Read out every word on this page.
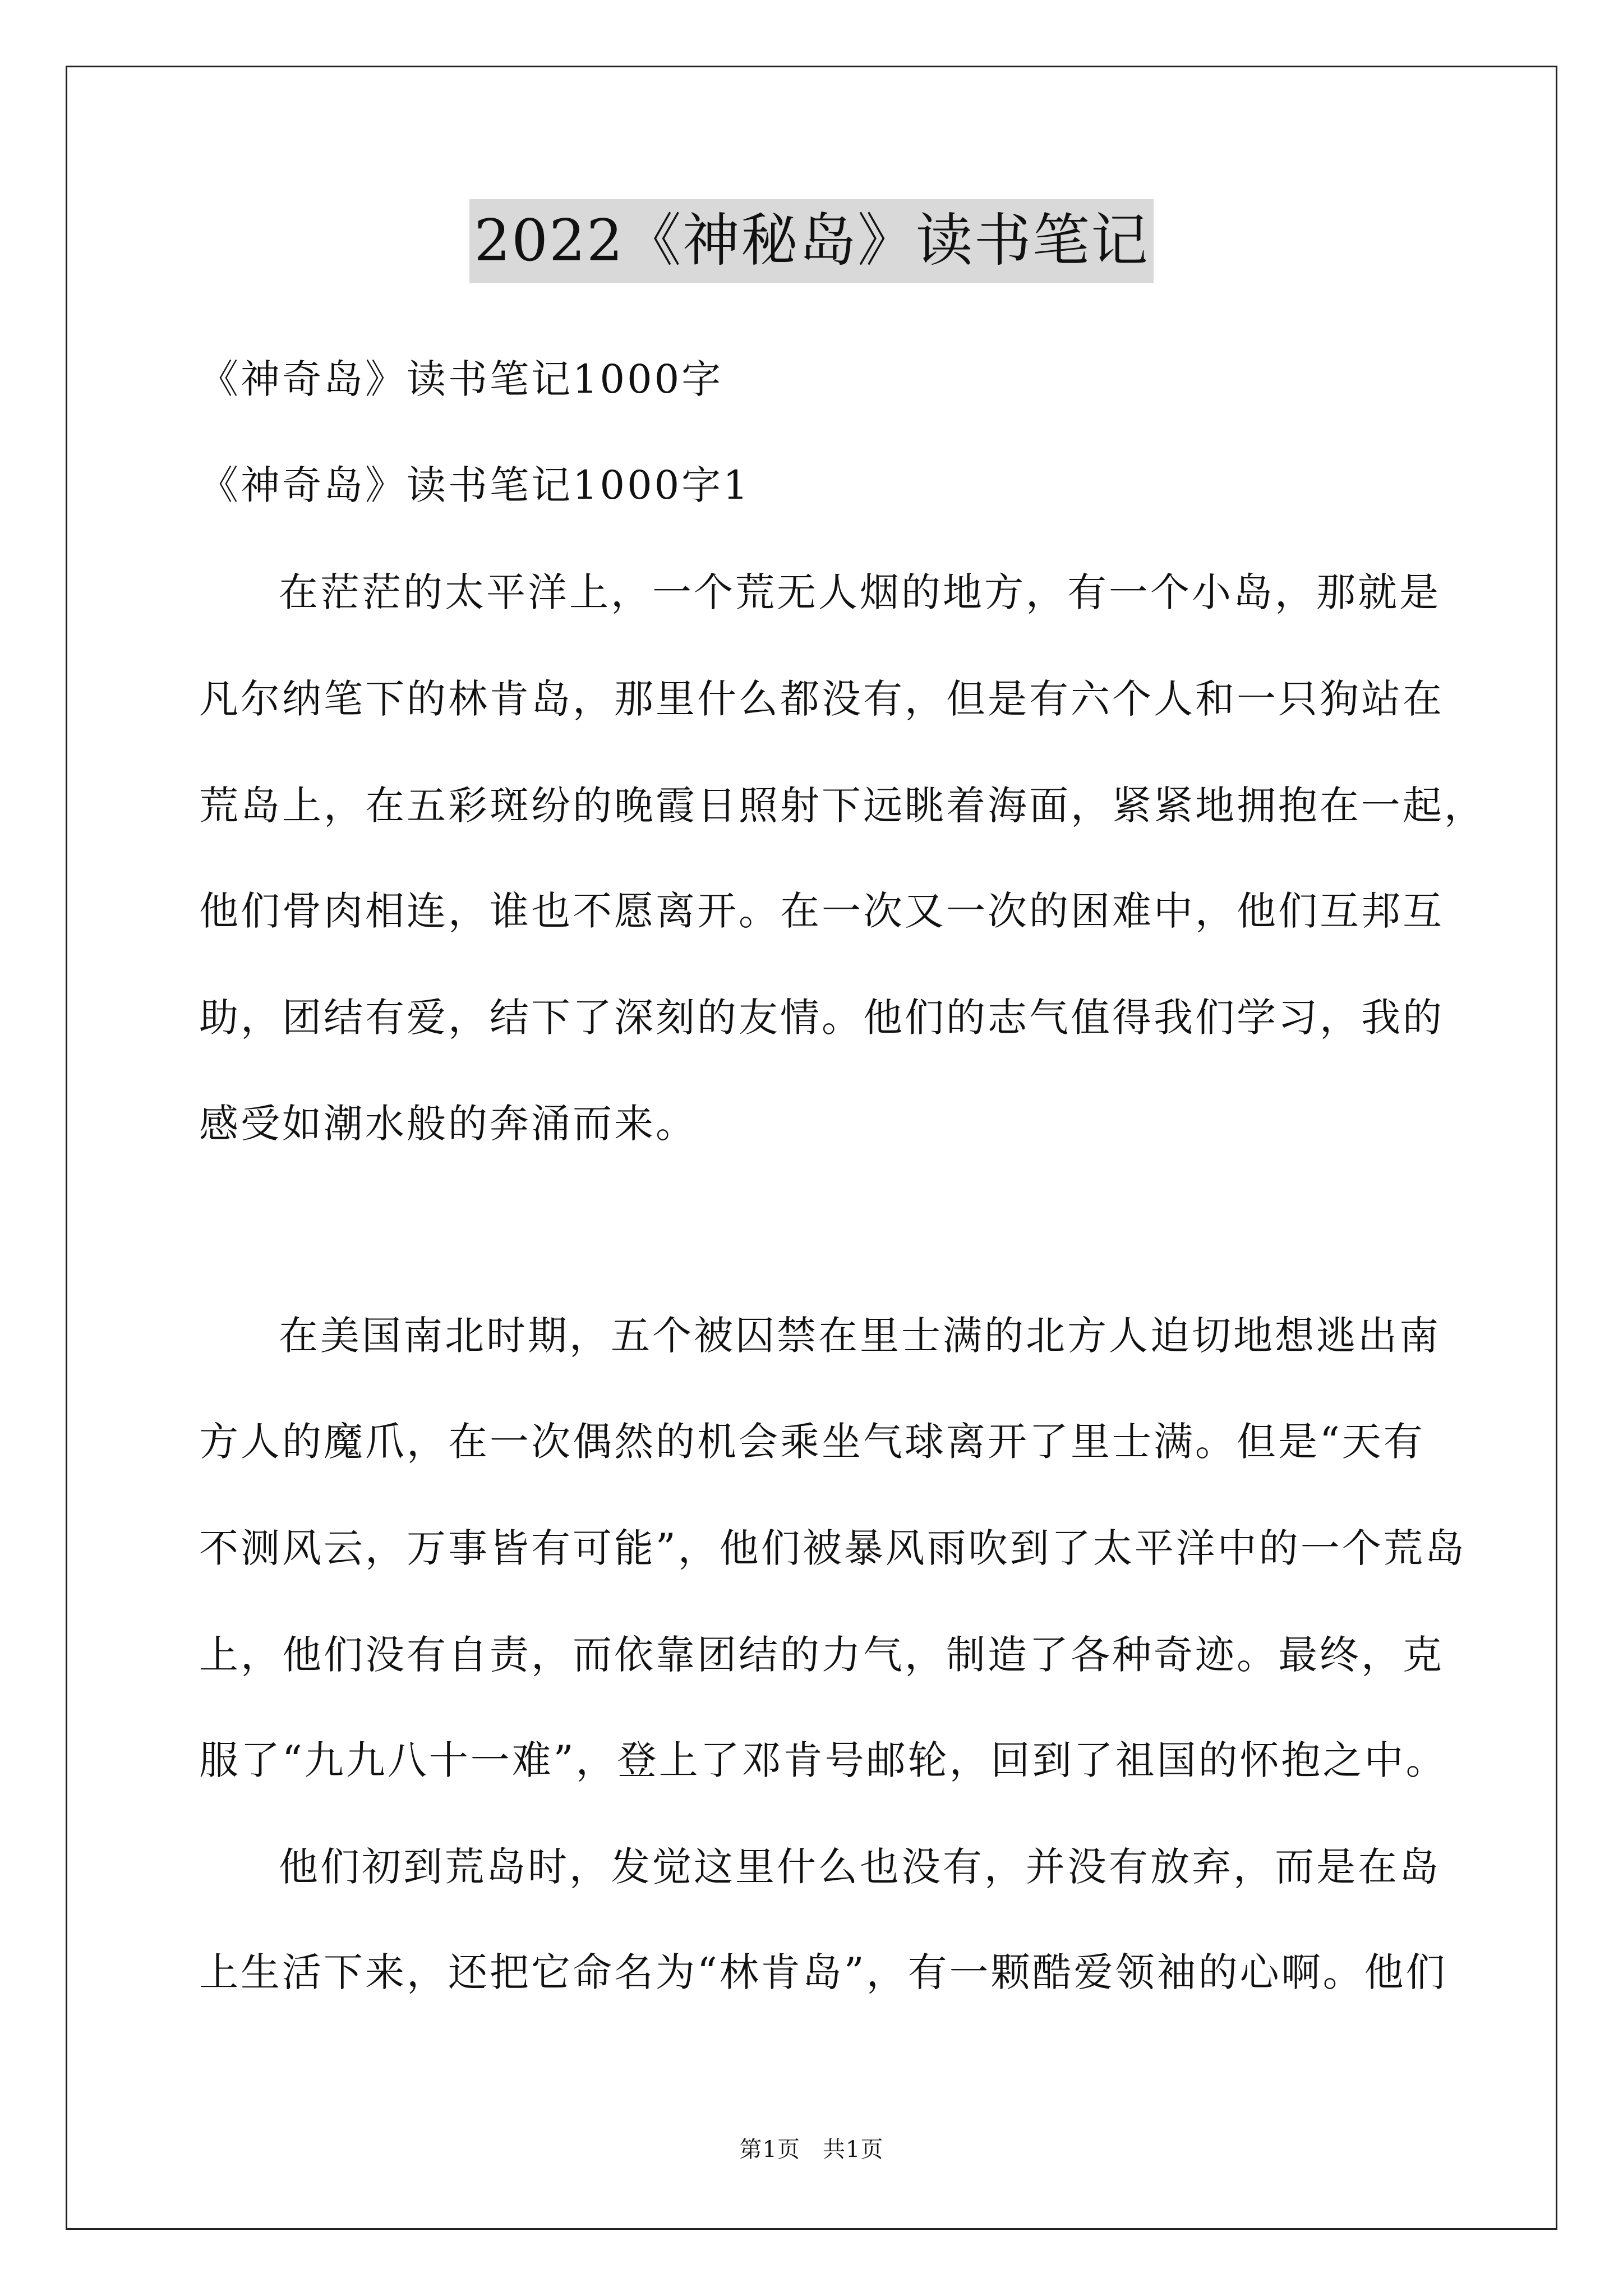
2022《神秘岛》读书笔记
《神奇岛》读书笔记1000字
《神奇岛》读书笔记1000字1
在茫茫的太平洋上，一个荒无人烟的地方，有一个小岛，那就是
凡尔纳笔下的林肯岛，那里什么都没有，但是有六个人和一只狗站在
荒岛上，在五彩斑纷的晚霞日照射下远眺着海面，紧紧地拥抱在一起，
他们骨肉相连，谁也不愿离开。在一次又一次的困难中，他们互邦互
助，团结有爱，结下了深刻的友情。他们的志气值得我们学习，我的
感受如潮水般的奔涌而来。
在美国南北时期，五个被囚禁在里士满的北方人迫切地想逃出南
方人的魔爪，在一次偶然的机会乘坐气球离开了里士满。但是“天有
不测风云，万事皆有可能”，他们被暴风雨吹到了太平洋中的一个荒岛
上，他们没有自责，而依靠团结的力气，制造了各种奇迹。最终，克
服了“九九八十一难”，登上了邓肯号邮轮，回到了祖国的怀抱之中。
他们初到荒岛时，发觉这里什么也没有，并没有放弃，而是在岛
上生活下来，还把它命名为“林肯岛”，有一颗酷爱领袖的心啊。他们
第1页 共1页
